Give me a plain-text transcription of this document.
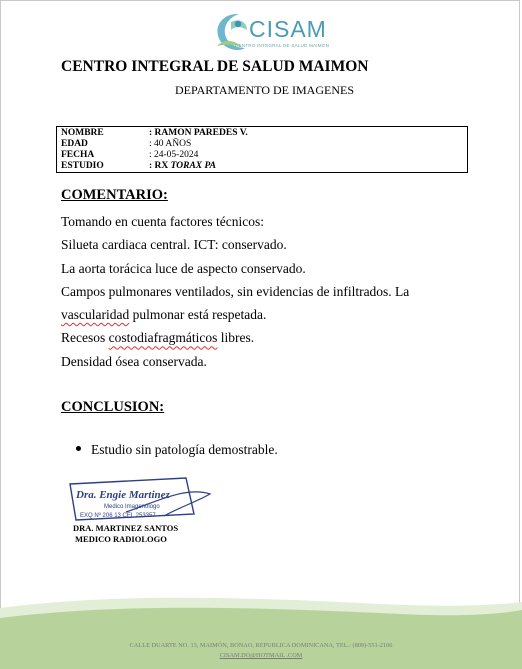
CISAM
CENTRO INTEGRAL DE SALUD MAIMON
CENTRO INTEGRAL DE SALUD MAIMON
DEPARTAMENTO DE IMAGENES
NOMBRE	: RAMON PAREDES V.
EDAD	: 40 AÑOS
FECHA	: 24-05-2024
ESTUDIO	: RX TORAX PA
COMENTARIO:
Tomando en cuenta factores técnicos:
Silueta cardiaca central. ICT: conservado.
La aorta torácica luce de aspecto conservado.
Campos pulmonares ventilados, sin evidencias de infiltrados. La
vascularidad pulmonar está respetada.
Recesos costodiafragmáticos libres.
Densidad ósea conservada.
CONCLUSION:
Estudio sin patología demostrable.
Dra. Engie Martinez
Medico Imagenólogo
EXQ Nº 206 13 CEL 253357
DRA. MARTINEZ SANTOS
MEDICO RADIOLOGO
CALLE DUARTE NO. 13, MAIMÓN, BONAO, REPUBLICA DOMINICANA, TEL.: (809)-551-2106
CISAM.DO@HOTMAIL .COM
